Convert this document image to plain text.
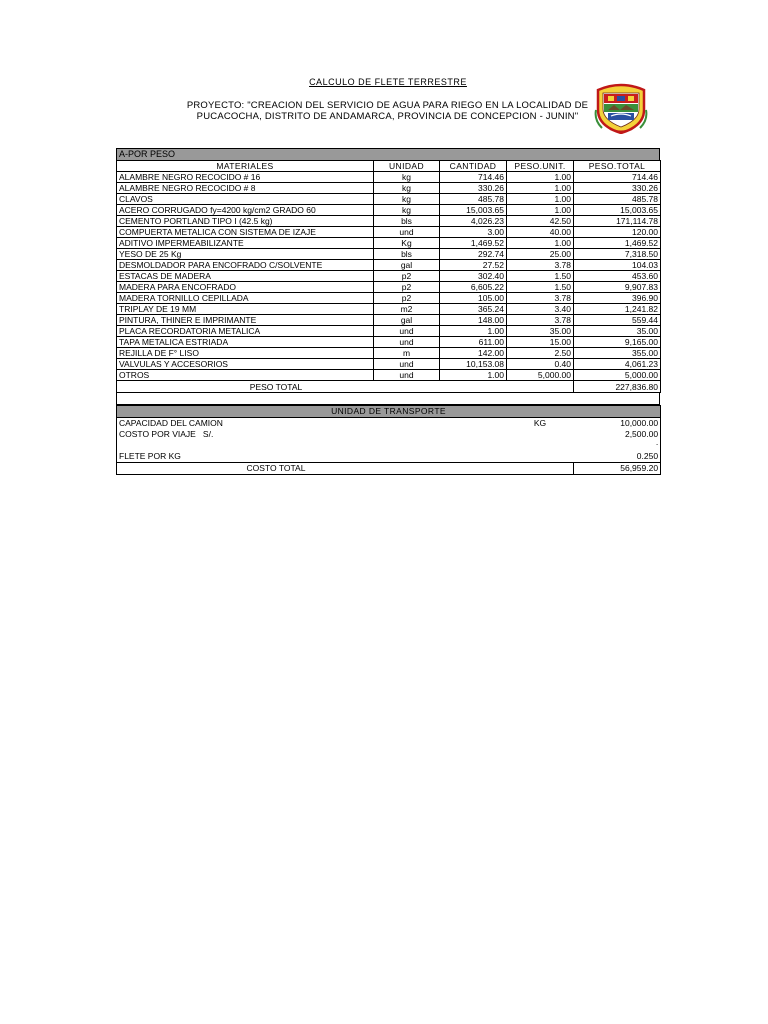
CALCULO DE FLETE TERRESTRE
PROYECTO: "CREACION DEL SERVICIO DE AGUA PARA RIEGO EN LA LOCALIDAD DE
PUCACOCHA, DISTRITO DE ANDAMARCA, PROVINCIA DE CONCEPCION - JUNIN"
A-POR PESO
MATERIALES	UNIDAD	CANTIDAD	PESO.UNIT.	PESO.TOTAL
ALAMBRE NEGRO RECOCIDO # 16	kg	714.46	1.00	714.46
ALAMBRE NEGRO RECOCIDO # 8	kg	330.26	1.00	330.26
CLAVOS	kg	485.78	1.00	485.78
ACERO CORRUGADO fy=4200 kg/cm2 GRADO 60	kg	15,003.65	1.00	15,003.65
CEMENTO PORTLAND TIPO I (42.5 kg)	bls	4,026.23	42.50	171,114.78
COMPUERTA METALICA CON SISTEMA DE IZAJE	und	3.00	40.00	120.00
ADITIVO IMPERMEABILIZANTE	Kg	1,469.52	1.00	1,469.52
YESO DE 25 Kg	bls	292.74	25.00	7,318.50
DESMOLDADOR PARA ENCOFRADO C/SOLVENTE	gal	27.52	3.78	104.03
ESTACAS DE MADERA	p2	302.40	1.50	453.60
MADERA PARA ENCOFRADO	p2	6,605.22	1.50	9,907.83
MADERA TORNILLO CEPILLADA	p2	105.00	3.78	396.90
TRIPLAY DE 19 MM	m2	365.24	3.40	1,241.82
PINTURA, THINER E IMPRIMANTE	gal	148.00	3.78	559.44
PLACA RECORDATORIA METALICA	und	1.00	35.00	35.00
TAPA METALICA ESTRIADA	und	611.00	15.00	9,165.00
REJILLA DE F° LISO	m	142.00	2.50	355.00
VALVULAS Y ACCESORIOS	und	10,153.08	0.40	4,061.23
OTROS	und	1.00	5,000.00	5,000.00
PESO TOTAL				227,836.80
UNIDAD DE TRANSPORTE				
CAPACIDAD DEL CAMION			KG	10,000.00
COSTO POR VIAJE   S/.				2,500.00
				-
FLETE POR KG				0.250
COSTO TOTAL				56,959.20
